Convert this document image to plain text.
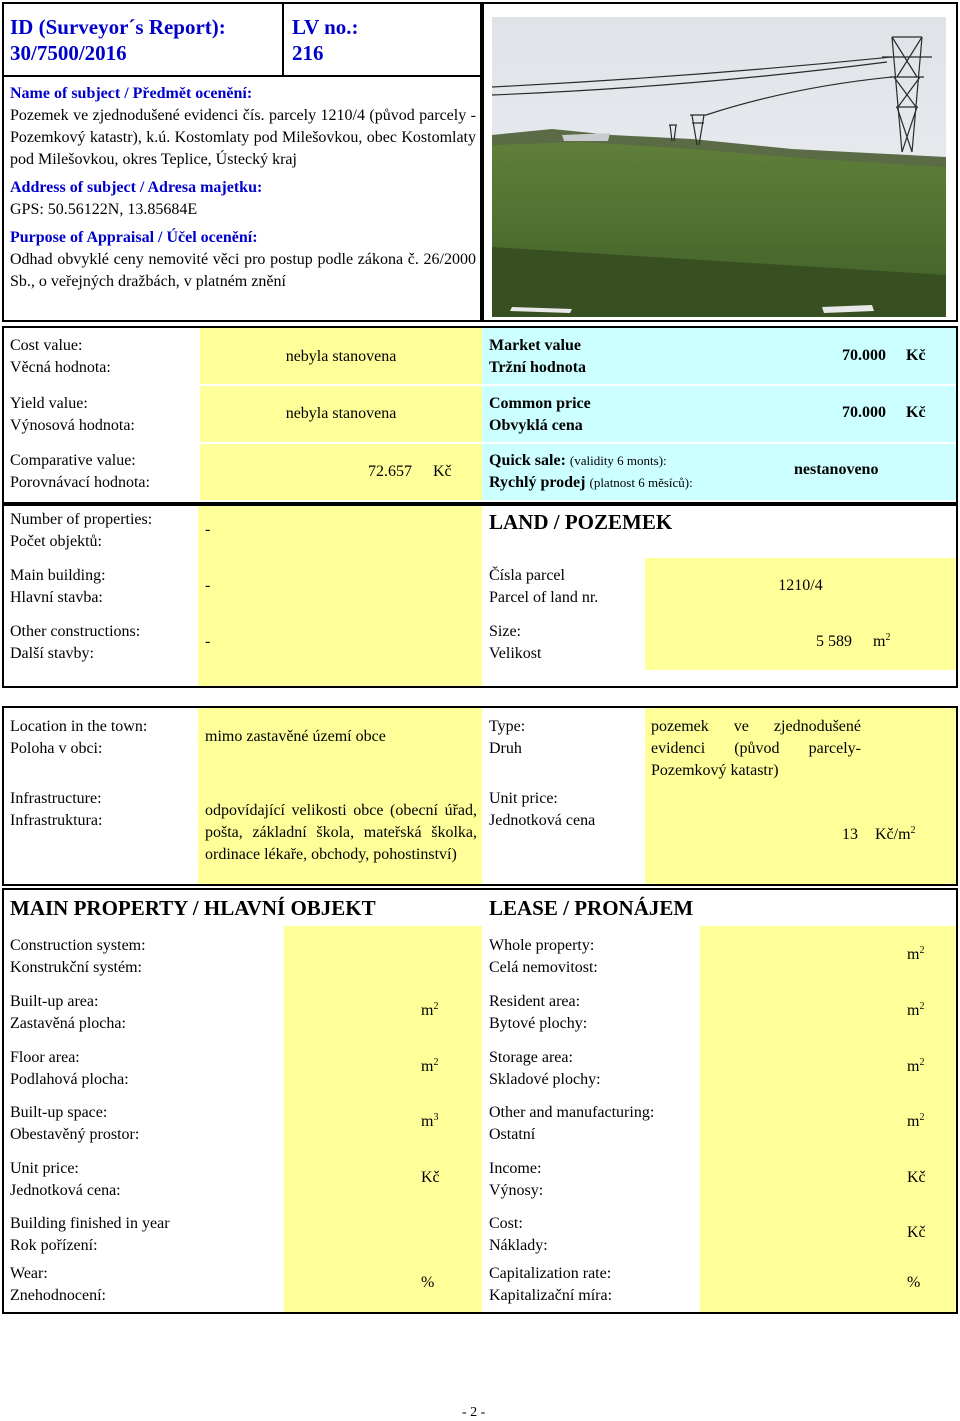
ID (Surveyor´s Report):
30/7500/2016
LV no.:
216
Name of subject / Předmět ocenění:
Pozemek ve zjednodušené evidenci čís. parcely 1210/4 (původ parcely - Pozemkový katastr), k.ú. Kostomlaty pod Milešovkou, obec Kostomlaty pod Milešovkou, okres Teplice, Ústecký kraj
Address of subject / Adresa majetku:
GPS: 50.56122N, 13.85684E
Purpose of Appraisal / Účel ocenění:
Odhad obvyklé ceny nemovité věci pro postup podle zákona č. 26/2000 Sb., o veřejných dražbách, v platném znění
Cost value:
Věcná hodnota:
nebyla stanovena
Yield value:
Výnosová hodnota:
nebyla stanovena
Comparative value:
Porovnávací hodnota:
72.657 Kč
Market value
Tržní hodnota
70.000 Kč
Common price
Obvyklá cena
70.000 Kč
Quick sale: (validity 6 monts):
Rychlý prodej (platnost 6 měsíců):
nestanoveno
Number of properties:
Počet objektů:
-
Main building:
Hlavní stavba:
-
Other constructions:
Další stavby:
-
LAND / POZEMEK
Čísla parcel
Parcel of land nr.
1210/4
Size:
Velikost
5 589 $m^2$
Location in the town:
Poloha v obci:
mimo zastavěné území obce
Infrastructure:
Infrastruktura:
odpovídající velikosti obce (obecní úřad, pošta, základní škola, mateřská školka, ordinace lékaře, obchody, pohostinství)
Type:
Druh
pozemek ve zjednodušené evidenci (původ parcely- Pozemkový katastr)
Unit price:
Jednotková cena
13 $Kč/m^2$
MAIN PROPERTY / HLAVNÍ OBJEKT	LEASE / PRONÁJEM
Construction system:
Konstrukční systém:
Built-up area:
Zastavěná plocha:
$m^2$
Floor area:
Podlahová plocha:
$m^2$
Built-up space:
Obestavěný prostor:
$m^3$
Unit price:
Jednotková cena:
Kč
Building finished in year
Rok pořízení:
Wear:
Znehodnocení:
%
Whole property:
Celá nemovitost:
$m^2$
Resident area:
Bytové plochy:
$m^2$
Storage area:
Skladové plochy:
$m^2$
Other and manufacturing:
Ostatní
$m^2$
Income:
Výnosy:
Kč
Cost:
Náklady:
Kč
Capitalization rate:
Kapitalizační míra:
%
- 2 -
